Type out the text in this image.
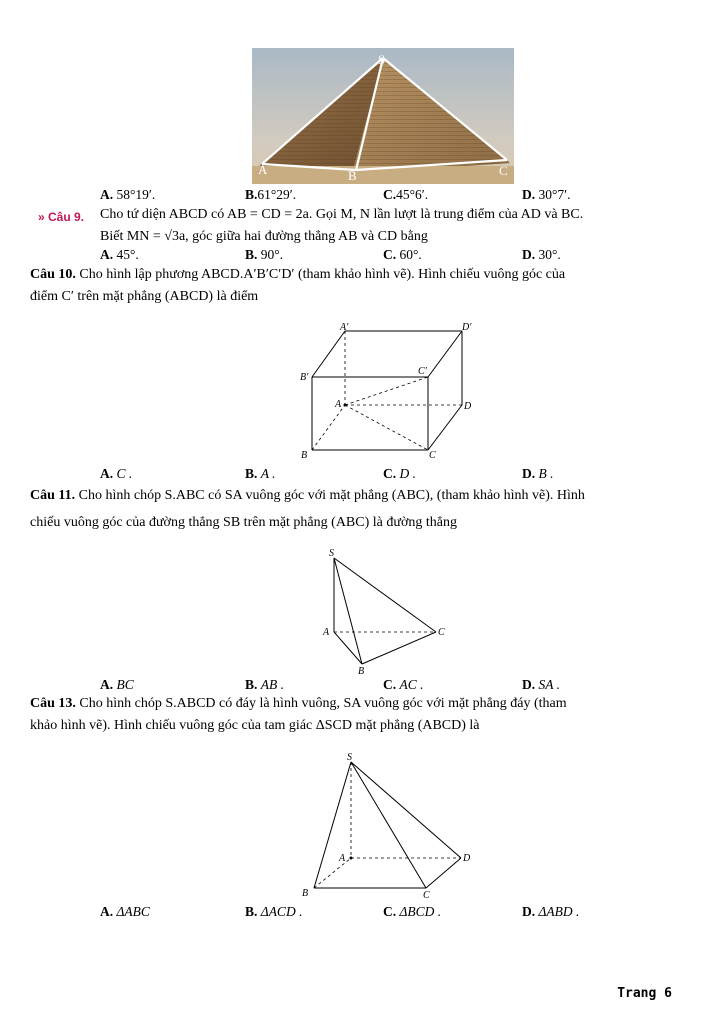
S
A	B	C
A. 58°19′.	B.61°29′.	C.45°6′.	D. 30°7′.
» Câu 9. Cho tứ diện ABCD có AB = CD = 2a. Gọi M, N lần lượt là trung điểm của AD và BC.
Biết MN = √3a, góc giữa hai đường thẳng AB và CD bằng
A. 45°.	B. 90°.	C. 60°.	D. 30°.
Câu 10. Cho hình lập phương ABCD.A′B′C′D′ (tham khảo hình vẽ). Hình chiếu vuông góc của
điểm C′ trên mặt phẳng (ABCD) là điểm
A′	D′
B′
C′
A	D
B	C
A. C .	B. A .	C. D .	D. B .
Câu 11. Cho hình chóp S.ABC có SA vuông góc với mặt phẳng (ABC), (tham khảo hình vẽ). Hình
chiếu vuông góc của đường thẳng SB trên mặt phẳng (ABC) là đường thẳng
S
A
B
C
A. BC	B. AB .	C. AC .	D. SA .
Câu 13. Cho hình chóp S.ABCD có đáy là hình vuông, SA vuông góc với mặt phẳng đáy (tham
khảo hình vẽ). Hình chiếu vuông góc của tam giác ΔSCD mặt phẳng (ABCD) là
S
A	D
B	C
A. ΔABC	B. ΔACD .	C. ΔBCD .	D. ΔABD .
Trang 6
